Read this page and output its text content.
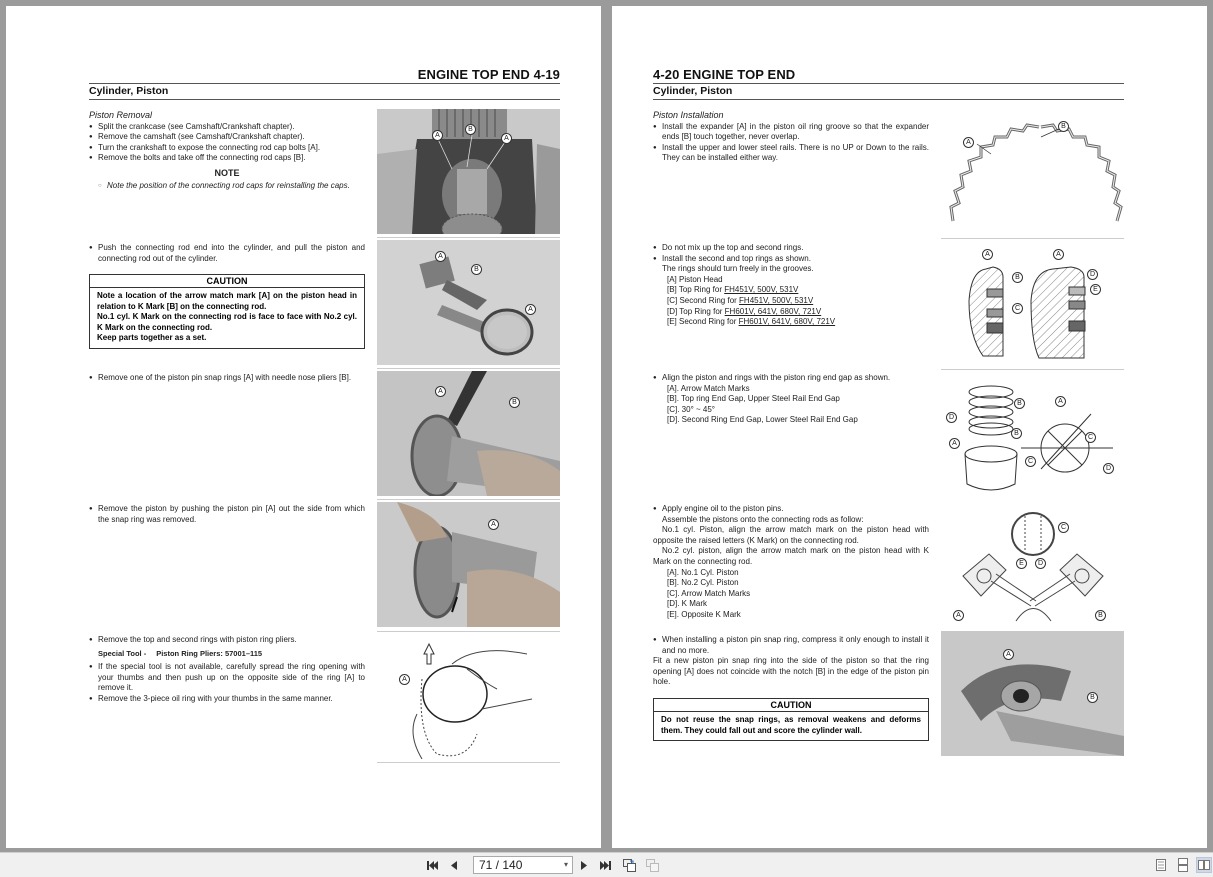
ENGINE TOP END 4-19
Cylinder, Piston
Piston Removal
● Split the crankcase (see Camshaft/Crankshaft chapter).
● Remove the camshaft (see Camshaft/Crankshaft chapter).
● Turn the crankshaft to expose the connecting rod cap bolts [A].
● Remove the bolts and take off the connecting rod caps [B].
NOTE
○ Note the position of the connecting rod caps for reinstalling the caps.
A
B
A
● Push the connecting rod end into the cylinder, and pull the piston and connecting rod out of the cylinder.
CAUTION
Note a location of the arrow match mark [A] on the piston head in relation to K Mark [B] on the connecting rod.
No.1 cyl. K Mark on the connecting rod is face to face with No.2 cyl. K Mark on the connecting rod.
Keep parts together as a set.
A
B
A
● Remove one of the piston pin snap rings [A] with needle nose pliers [B].
A
B
● Remove the piston by pushing the piston pin [A] out the side from which the snap ring was removed.
A
● Remove the top and second rings with piston ring pliers.
Special Tool - Piston Ring Pliers: 57001–115
● If the special tool is not available, carefully spread the ring opening with your thumbs and then push up on the opposite side of the ring [A] to remove it.
● Remove the 3-piece oil ring with your thumbs in the same manner.
A
4-20 ENGINE TOP END
Cylinder, Piston
Piston Installation
● Install the expander [A] in the piston oil ring groove so that the expander ends [B] touch together, never overlap.
● Install the upper and lower steel rails. There is no UP or Down to the rails. They can be installed either way.
A
B
● Do not mix up the top and second rings.
● Install the second and top rings as shown.
The rings should turn freely in the grooves.
[A] Piston Head
[B] Top Ring for FH451V, 500V, 531V
[C] Second Ring for FH451V, 500V, 531V
[D] Top Ring for FH601V, 641V, 680V, 721V
[E] Second Ring for FH601V, 641V, 680V, 721V
A	A
B
C
D
E
● Align the piston and rings with the piston ring end gap as shown.
[A]. Arrow Match Marks
[B]. Top ring End Gap, Upper Steel Rail End Gap
[C]. 30° ~ 45°
[D]. Second Ring End Gap, Lower Steel Rail End Gap
B
D
A
B
A
C
C
D
● Apply engine oil to the piston pins.
Assemble the pistons onto the connecting rods as follow:
No.1 cyl. Piston, align the arrow match mark on the piston head with opposite the raised letters (K Mark) on the connecting rod.
No.2 cyl. piston, align the arrow match mark on the piston head with K Mark on the connecting rod.
[A]. No.1 Cyl. Piston
[B]. No.2 Cyl. Piston
[C]. Arrow Match Marks
[D]. K Mark
[E]. Opposite K Mark
C
E	D
A	B
● When installing a piston pin snap ring, compress it only enough to install it and no more.
Fit a new piston pin snap ring into the side of the piston so that the ring opening [A] does not coincide with the notch [B] in the edge of the piston pin hole.
CAUTION
Do not reuse the snap rings, as removal weakens and deforms them. They could fall out and score the cylinder wall.
A
B
71 / 140	▾
